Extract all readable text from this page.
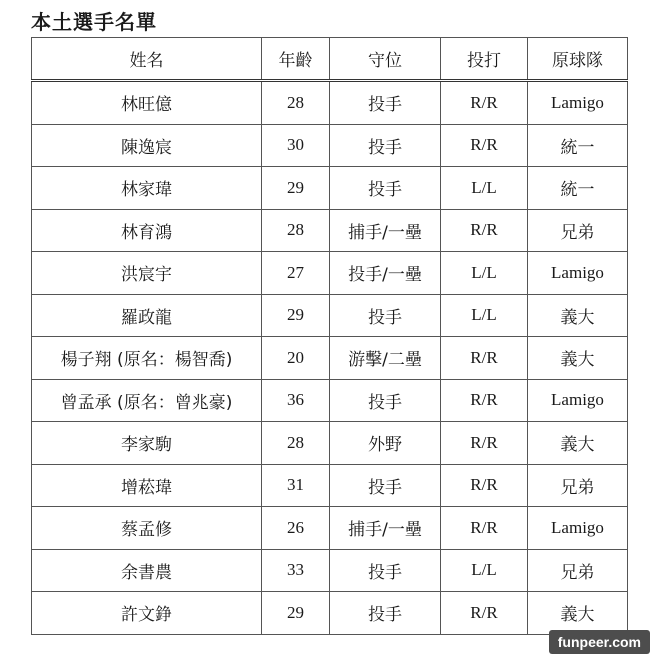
本土選手名單
姓名	年齡	守位	投打	原球隊
林旺億	28	投手	R/R	Lamigo
陳逸宸	30	投手	R/R	統一
林家瑋	29	投手	L/L	統一
林育鴻	28	捕手/一壘	R/R	兄弟
洪宸宇	27	投手/一壘	L/L	Lamigo
羅政龍	29	投手	L/L	義大
楊子翔 (原名：楊智喬)	20	游擊/二壘	R/R	義大
曾孟承 (原名：曾兆豪)	36	投手	R/R	Lamigo
李家駒	28	外野	R/R	義大
增菘瑋	31	投手	R/R	兄弟
蔡孟修	26	捕手/一壘	R/R	Lamigo
余書農	33	投手	L/L	兄弟
許文錚	29	投手	R/R	義大
funpeer.com
